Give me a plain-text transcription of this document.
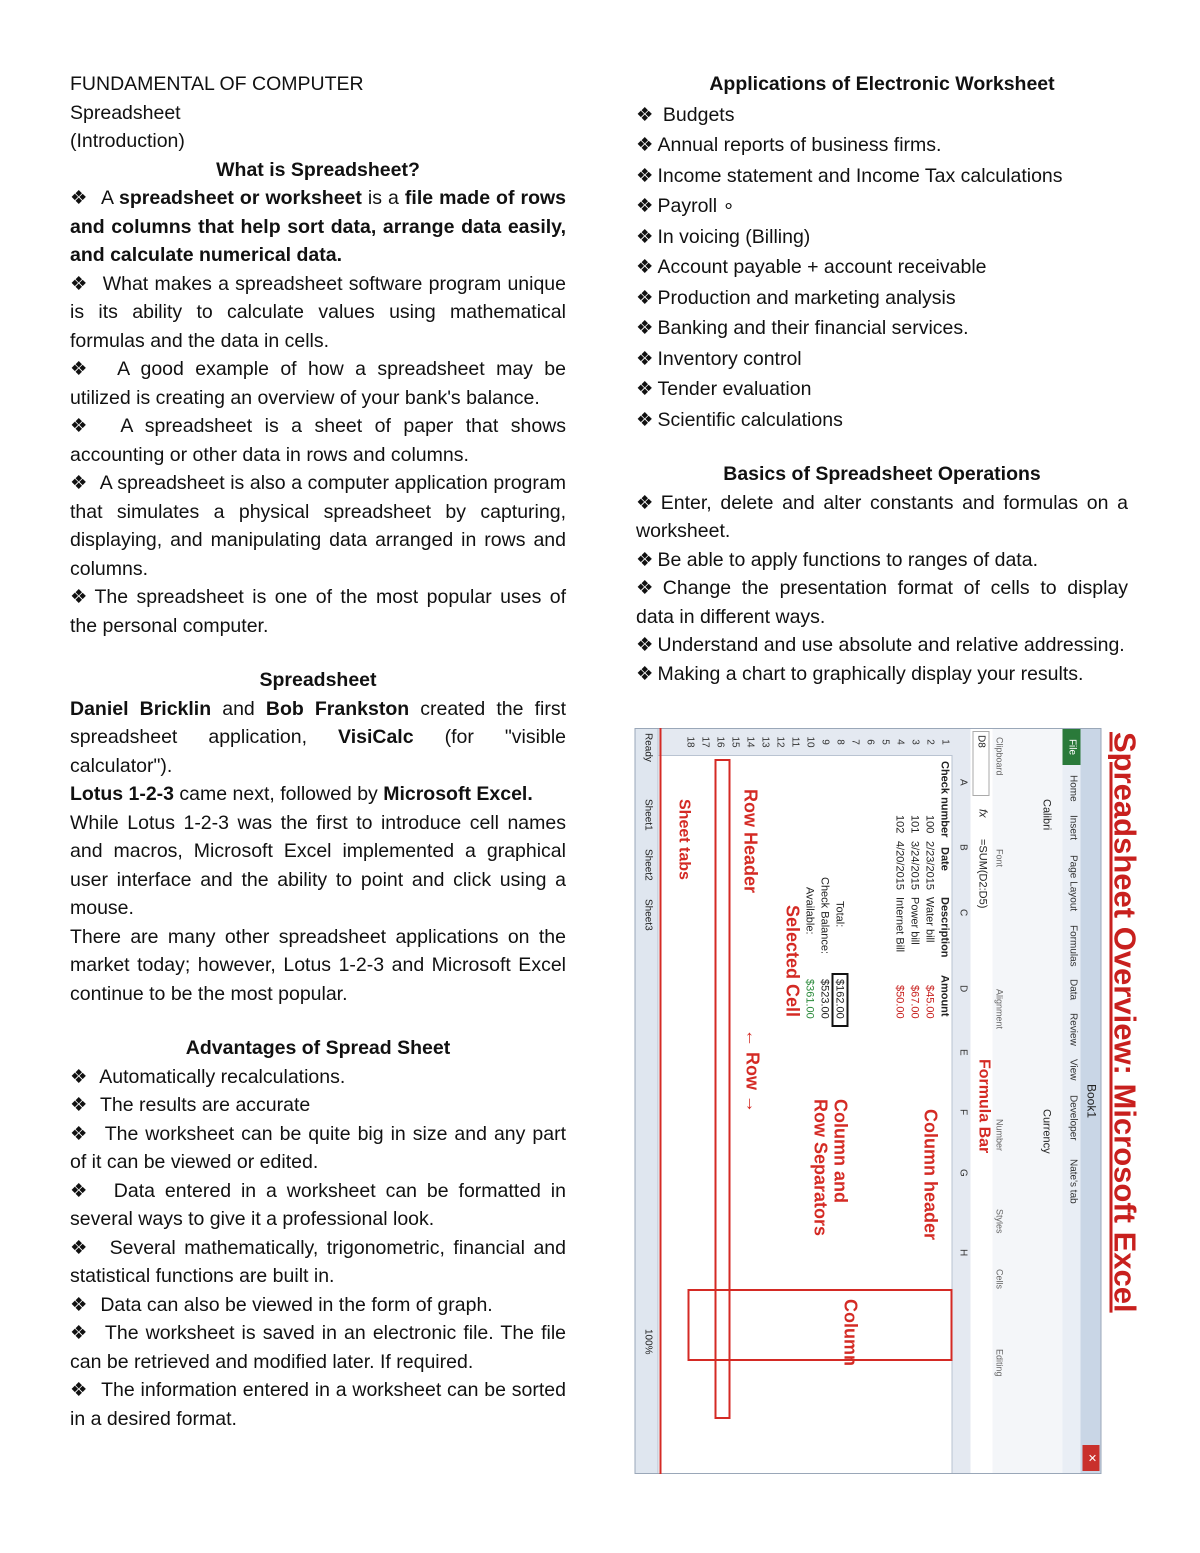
FUNDAMENTAL OF COMPUTER

Spreadsheet

(Introduction)

What is Spreadsheet?

❖  A spreadsheet or worksheet is a file made of rows and columns that help sort data, arrange data easily, and calculate numerical data.

❖  What makes a spreadsheet software program unique is its ability to calculate values using mathematical formulas and the data in cells.

❖  A good example of how a spreadsheet may be utilized is creating an overview of your bank's balance.

❖  A spreadsheet is a sheet of paper that shows accounting or other data in rows and columns.

❖  A spreadsheet is also a computer application program that simulates a physical spreadsheet by capturing, displaying, and manipulating data arranged in rows and columns.

❖ The spreadsheet is one of the most popular uses of the personal computer.

Spreadsheet

Daniel Bricklin and Bob Frankston created the first spreadsheet application, VisiCalc (for "visible calculator").

Lotus 1-2-3 came next, followed by Microsoft Excel.

While Lotus 1-2-3 was the first to introduce cell names and macros, Microsoft Excel implemented a graphical user interface and the ability to point and click using a mouse.

There are many other spreadsheet applications on the market today; however, Lotus 1-2-3 and Microsoft Excel continue to be the most popular.

Advantages of Spread Sheet

❖  Automatically recalculations.
❖  The results are accurate
❖  The worksheet can be quite big in size and any part of it can be viewed or edited.
❖  Data entered in a worksheet can be formatted in several ways to give it a professional look.
❖  Several mathematically, trigonometric, financial and statistical functions are built in.
❖  Data can also be viewed in the form of graph.
❖  The worksheet is saved in an electronic file. The file can be retrieved and modified later. If required.
❖  The information entered in a worksheet can be sorted in a desired format.

Applications of Electronic Worksheet

❖ Budgets
❖ Annual reports of business firms.
❖ Income statement and Income Tax calculations
❖ Payroll ∘
❖ In voicing (Billing)
❖ Account payable + account receivable
❖ Production and marketing analysis
❖ Banking and their financial services.
❖ Inventory control
❖ Tender evaluation
❖ Scientific calculations

Basics of Spreadsheet Operations

❖ Enter, delete and alter constants and formulas on a worksheet.
❖ Be able to apply functions to ranges of data.
❖ Change the presentation format of cells to display data in different ways.
❖ Understand and use absolute and relative addressing.
❖ Making a chart to graphically display your results.
Spreadsheet Overview: Microsoft Excel
Book1
✕
Home
Insert
Page Layout
Formulas
Data
Review
View
Developer
Nate's tab
File
Calibri
Currency
Clipboard
Font
Alignment
Number
Styles
Cells
Editing
D8
fx
=SUM(D2:D5)
A
B
C
D
E
F
G
H
1
2
3
4
5
6
7
8
9
10
11
12
13
14
15
16
17
18
Check number
Date
Description
Amount
100
2/23/2015
Water bill
$45.00
101
3/24/2015
Power bill
$67.00
102
4/20/2015
Internet Bill
$50.00
Total:
$162.00
Check Balance:
$523.00
Available:
$361.00
Row Header
Selected Cell
← Row →
Column and
Row Separators	Column header
Column
Sheet tabs
Formula Bar
Ready
Sheet1
Sheet2
Sheet3
100%
